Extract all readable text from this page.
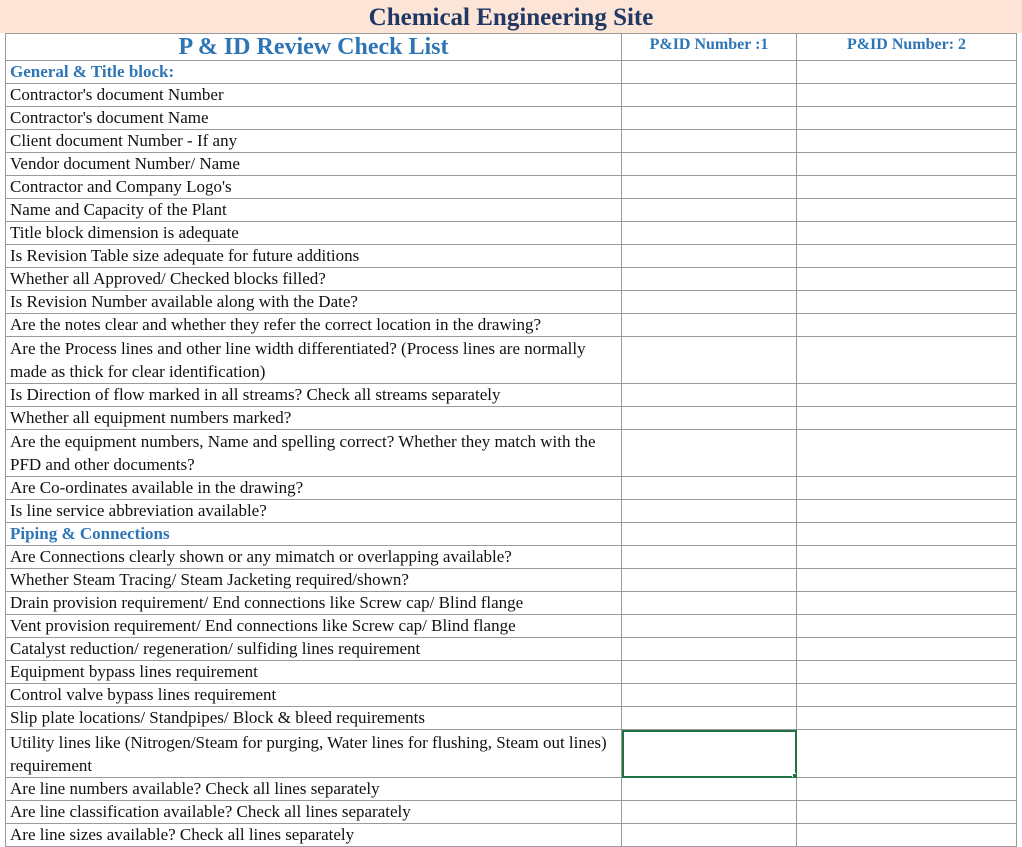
Chemical Engineering Site
P & ID Review Check List	P&ID Number :1	P&ID Number: 2
General & Title block:		
Contractor's document Number		
Contractor's document Name		
Client document Number - If any		
Vendor document Number/ Name		
Contractor and Company Logo's		
Name and Capacity of the Plant		
Title block dimension is adequate		
Is Revision Table size adequate for future additions		
Whether all Approved/ Checked blocks filled?		
Is Revision Number available along with the Date?		
Are the notes clear and whether they refer the correct location in the drawing?		
Are the Process lines and other line width differentiated? (Process lines are normally made as thick for clear identification)		
Is Direction of flow marked in all streams? Check all streams separately		
Whether all equipment numbers marked?		
Are the equipment numbers, Name and spelling correct? Whether they match with the PFD and other documents?		
Are Co-ordinates available in the drawing?		
Is line service abbreviation available?		
Piping & Connections		
Are Connections clearly shown or any mimatch or overlapping available?		
Whether Steam Tracing/ Steam Jacketing required/shown?		
Drain provision requirement/ End connections like Screw cap/ Blind flange		
Vent provision requirement/ End connections like Screw cap/ Blind flange		
Catalyst reduction/ regeneration/ sulfiding lines requirement		
Equipment bypass lines requirement		
Control valve bypass lines requirement		
Slip plate locations/ Standpipes/ Block & bleed requirements		
Utility lines like (Nitrogen/Steam for purging, Water lines for flushing, Steam out lines) requirement	

Are line numbers available? Check all lines separately		
Are line classification available? Check all lines separately		
Are line sizes available? Check all lines separately		
